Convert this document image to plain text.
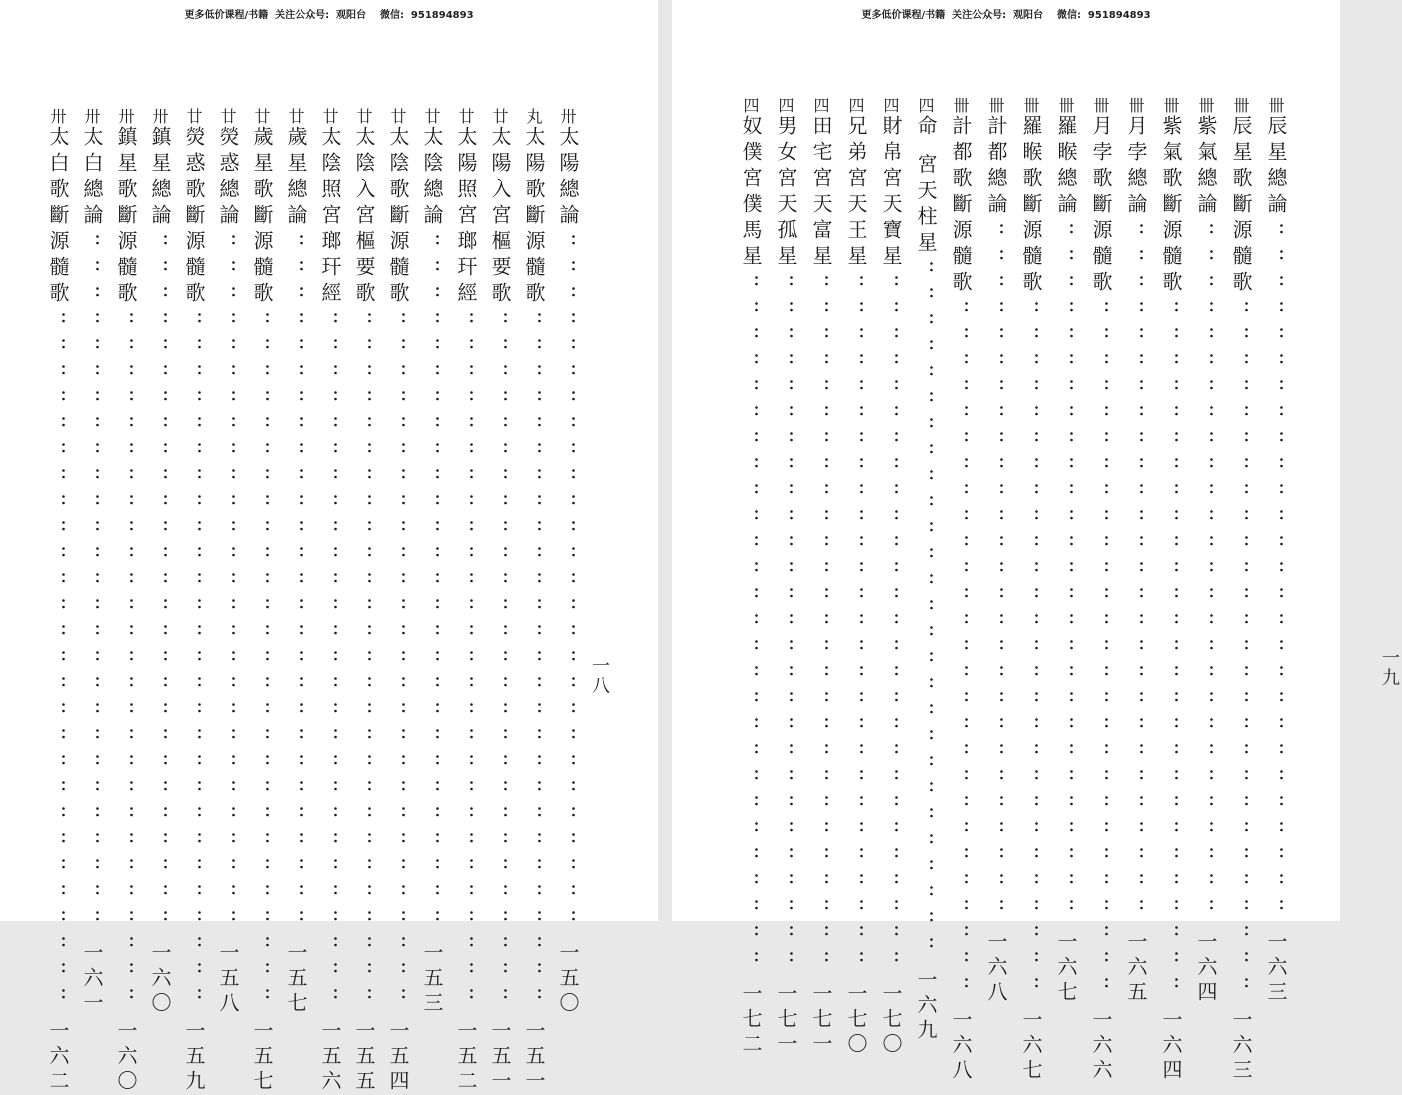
更多低价课程/书籍  关注公众号:  观阳台    微信:  951894893
卅
太陽總論
：：：：：：：：：：：：：：：：：：：：：：：：：：：
一五〇
丸
太陽歌斷源髓歌
：：：：：：：：：：：：：：：：：：：：：：：：：：：
一五一
廿
太陽入宮樞要歌
：：：：：：：：：：：：：：：：：：：：：：：：：：：
一五一
廿
太陽照宮瑯玕經
：：：：：：：：：：：：：：：：：：：：：：：：：：：
一五二
廿
太陰總論
：：：：：：：：：：：：：：：：：：：：：：：：：：：
一五三
廿
太陰歌斷源髓歌
：：：：：：：：：：：：：：：：：：：：：：：：：：：
一五四
廿
太陰入宮樞要歌
：：：：：：：：：：：：：：：：：：：：：：：：：：：
一五五
廿
太陰照宮瑯玕經
：：：：：：：：：：：：：：：：：：：：：：：：：：：
一五六
廿
歲星總論
：：：：：：：：：：：：：：：：：：：：：：：：：：：
一五七
廿
歲星歌斷源髓歌
：：：：：：：：：：：：：：：：：：：：：：：：：：：
一五七
廿
熒惑總論
：：：：：：：：：：：：：：：：：：：：：：：：：：：
一五八
廿
熒惑歌斷源髓歌
：：：：：：：：：：：：：：：：：：：：：：：：：：：
一五九
卅
鎮星總論
：：：：：：：：：：：：：：：：：：：：：：：：：：：
一六〇
卅
鎮星歌斷源髓歌
：：：：：：：：：：：：：：：：：：：：：：：：：：：
一六〇
卅
太白總論
：：：：：：：：：：：：：：：：：：：：：：：：：：：
一六一
卅
太白歌斷源髓歌
：：：：：：：：：：：：：：：：：：：：：：：：：：：
一六二
一八
更多低价课程/书籍  关注公众号:  观阳台    微信:  951894893
卌
辰星總論
：：：：：：：：：：：：：：：：：：：：：：：：：：：
一六三
卌
辰星歌斷源髓歌
：：：：：：：：：：：：：：：：：：：：：：：：：：：
一六三
卌
紫氣總論
：：：：：：：：：：：：：：：：：：：：：：：：：：：
一六四
卌
紫氣歌斷源髓歌
：：：：：：：：：：：：：：：：：：：：：：：：：：：
一六四
卌
月孛總論
：：：：：：：：：：：：：：：：：：：：：：：：：：：
一六五
卌
月孛歌斷源髓歌
：：：：：：：：：：：：：：：：：：：：：：：：：：：
一六六
卌
羅睺總論
：：：：：：：：：：：：：：：：：：：：：：：：：：：
一六七
卌
羅睺歌斷源髓歌
：：：：：：：：：：：：：：：：：：：：：：：：：：：
一六七
卌
計都總論
：：：：：：：：：：：：：：：：：：：：：：：：：：：
一六八
卌
計都歌斷源髓歌
：：：：：：：：：：：：：：：：：：：：：：：：：：：
一六八
四
命 宮天柱星
：：：：：：：：：：：：：：：：：：：：：：：：：：：
一六九
四
財帛宮天寶星
：：：：：：：：：：：：：：：：：：：：：：：：：：：
一七〇
四
兄弟宮天王星
：：：：：：：：：：：：：：：：：：：：：：：：：：：
一七〇
四
田宅宮天富星
：：：：：：：：：：：：：：：：：：：：：：：：：：：
一七一
四
男女宮天孤星
：：：：：：：：：：：：：：：：：：：：：：：：：：：
一七一
四
奴僕宮僕馬星
：：：：：：：：：：：：：：：：：：：：：：：：：：：
一七二
一九
